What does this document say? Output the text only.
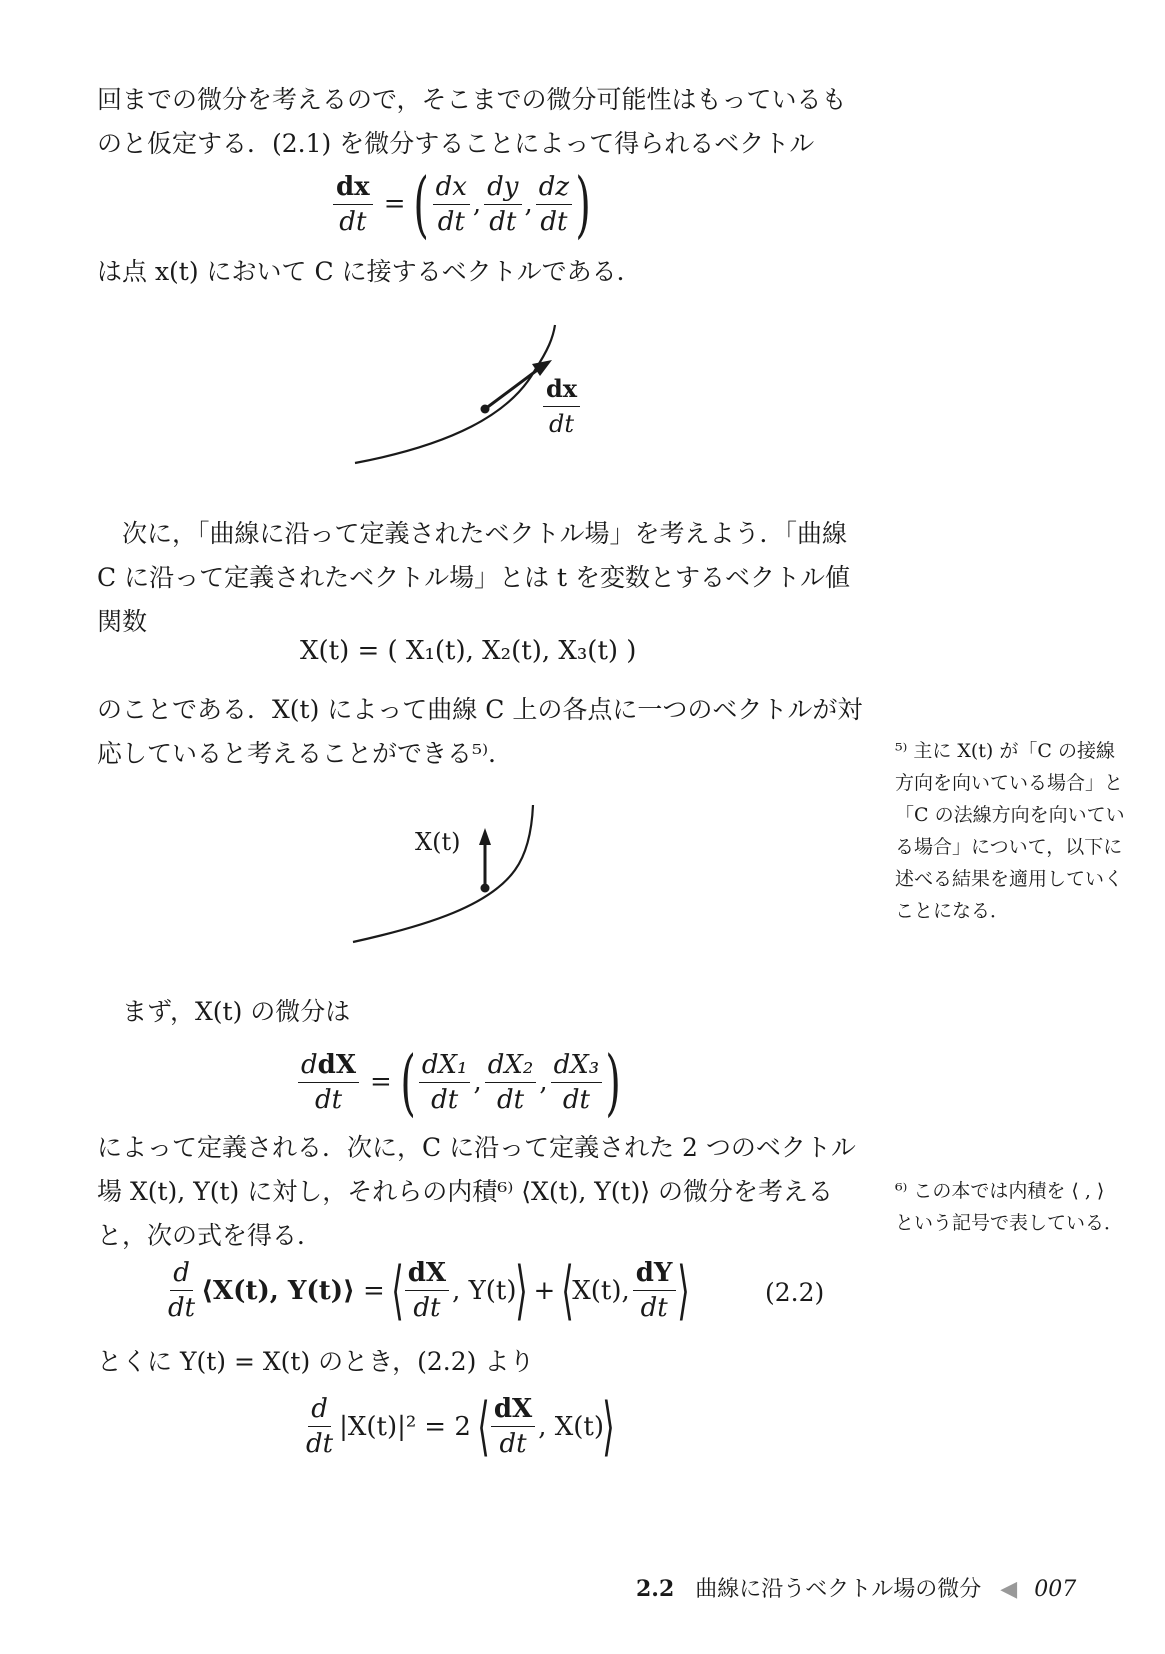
回までの微分を考えるので，そこまでの微分可能性はもっているものと仮定する．(2.1) を微分することによって得られるベクトル

$\frac{dx}{dt}$ = ( $\frac{dx}{dt}$ , $\frac{dy}{dt}$ , $\frac{dz}{dt}$ )

は点 x(t) において C に接するベクトルである．

$\frac{dx}{dt}$

次に，「曲線に沿って定義されたベクトル場」を考えよう．「曲線 C に沿って定義されたベクトル場」とは t を変数とするベクトル値関数

X(t) = ( X₁(t), X₂(t), X₃(t) )

のことである．X(t) によって曲線 C 上の各点に一つのベクトルが対応していると考えることができる⁵⁾．	⁵⁾ 主に X(t) が「C の接線方向を向いている場合」と「C の法線方向を向いている場合」について，以下に述べる結果を適用していくことになる．

X(t)

まず，X(t) の微分は

$\frac{\text{ddX}}{dt}$ = ( $\frac{\text{dX₁}}{dt}$ , $\frac{\text{dX₂}}{dt}$ , $\frac{\text{dX₃}}{dt}$ )

によって定義される．次に，C に沿って定義された 2 つのベクトル場 X(t), Y(t) に対し，それらの内積⁶⁾ ⟨X(t), Y(t)⟩ の微分を考えると，次の式を得る．

⁶⁾ この本では内積を ⟨ , ⟩ という記号で表している．

$\frac{d}{dt}$ ⟨X(t), Y(t)⟩ = ⟨ $\frac{dX}{dt}$ , Y(t)
⟩ + ⟨
X(t), $\frac{dY}{dt}$ ⟩	(2.2)

とくに Y(t) = X(t) のとき，(2.2) より

$\frac{d}{dt} |X(t)|^2 = 2$ ⟨ $\frac{dX}{dt}$ , X(t)
⟩
2.2 曲線に沿うベクトル場の微分 ◀ 007
